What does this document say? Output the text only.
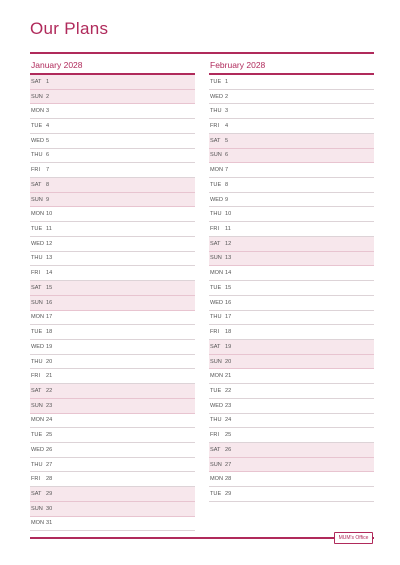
Our Plans
January 2028
SAT 1
SUN 2
MON 3
TUE 4
WED 5
THU 6
FRI	7
SAT 8
SUN 9
MON 10
TUE 11
WED 12
THU 13
FRI	14
SAT 15
SUN 16
MON 17
TUE 18
WED 19
THU 20
FRI	21
SAT 22
SUN 23
MON 24
TUE 25
WED 26
THU 27
FRI	28
SAT 29
SUN 30
MON 31
February 2028
TUE 1
WED 2
THU 3
FRI	4
SAT 5
SUN 6
MON 7
TUE 8
WED 9
THU 10
FRI	11
SAT 12
SUN 13
MON 14
TUE 15
WED 16
THU 17
FRI	18
SAT 19
SUN 20
MON 21
TUE 22
WED 23
THU 24
FRI	25
SAT 26
SUN 27
MON 28
TUE 29
MUM's Office
